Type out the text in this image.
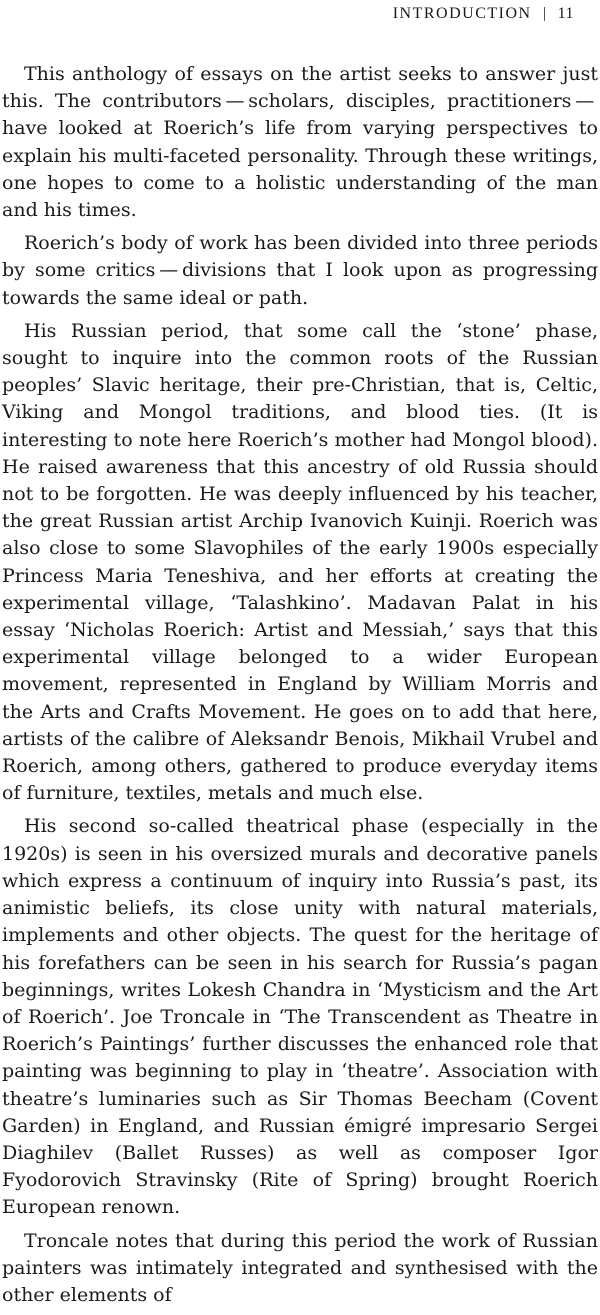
INTRODUCTION 11

This anthology of essays on the artist seeks to answer just this. The contributors — scholars, disciples, practitioners — have looked at Roerich’s life from varying perspectives to explain his multi-faceted personality. Through these writings, one hopes to come to a holistic understanding of the man and his times.

Roerich’s body of work has been divided into three periods by some critics — divisions that I look upon as progressing towards the same ideal or path.

His Russian period, that some call the ‘stone’ phase, sought to inquire into the common roots of the Russian peoples’ Slavic heritage, their pre-Christian, that is, Celtic, Viking and Mongol traditions, and blood ties. (It is interesting to note here Roerich’s mother had Mongol blood). He raised awareness that this ancestry of old Russia should not to be forgotten. He was deeply influenced by his teacher, the great Russian artist Archip Ivanovich Kuinji. Roerich was also close to some Slavophiles of the early 1900s especially Princess Maria Teneshiva, and her efforts at creating the experimental village, ‘Talashkino’. Madavan Palat in his essay ‘Nicholas Roerich: Artist and Messiah,’ says that this experimental village belonged to a wider European movement, represented in England by William Morris and the Arts and Crafts Movement. He goes on to add that here, artists of the calibre of Aleksandr Benois, Mikhail Vrubel and Roerich, among others, gathered to produce everyday items of furniture, textiles, metals and much else.

His second so-called theatrical phase (especially in the 1920s) is seen in his oversized murals and decorative panels which express a continuum of inquiry into Russia’s past, its animistic beliefs, its close unity with natural materials, implements and other objects. The quest for the heritage of his forefathers can be seen in his search for Russia’s pagan beginnings, writes Lokesh Chandra in ‘Mysticism and the Art of Roerich’. Joe Troncale in ‘The Transcendent as Theatre in Roerich’s Paintings’ further discusses the enhanced role that painting was beginning to play in ‘theatre’. Association with theatre’s luminaries such as Sir Thomas Beecham (Covent Garden) in England, and Russian émigré impresario Sergei Diaghilev (Ballet Russes) as well as composer Igor Fyodorovich Stravinsky (Rite of Spring) brought Roerich European renown.

Troncale notes that during this period the work of Russian painters was intimately integrated and synthesised with the other elements of
